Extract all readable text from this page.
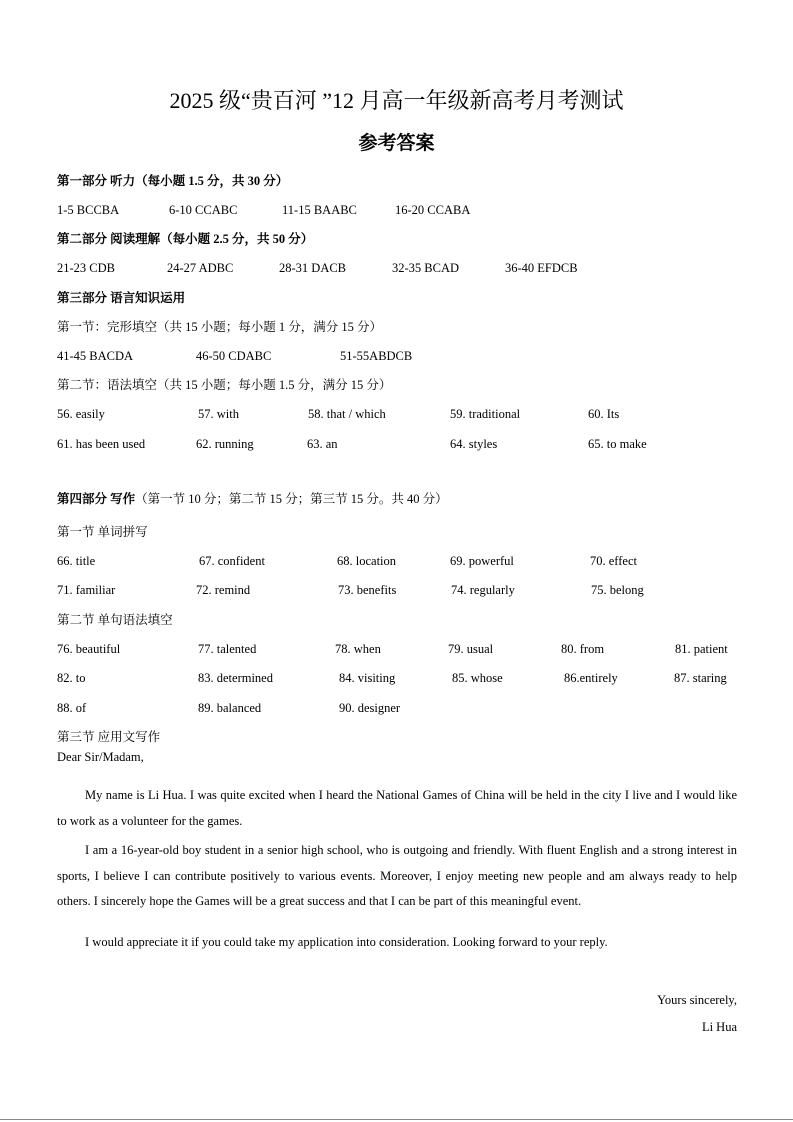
2025 级“贵百河 ”12 月高一年级新高考月考测试
参考答案
第一部分 听力（每小题 1.5 分，共 30 分）
1-5 BCCBA	6-10 CCABC	11-15 BAABC	16-20 CCABA
第二部分 阅读理解（每小题 2.5 分，共 50 分）
21-23 CDB	24-27 ADBC	28-31 DACB	32-35 BCAD	36-40 EFDCB
第三部分 语言知识运用
第一节：完形填空（共 15 小题；每小题 1 分，满分 15 分）
41-45 BACDA	46-50 CDABC	51-55ABDCB
第二节：语法填空（共 15 小题；每小题 1.5 分，满分 15 分）
56. easily	57. with	58. that / which	59. traditional	60. Its
61. has been used	62. running	63. an	64. styles	65. to make
第四部分 写作（第一节 10 分；第二节 15 分；第三节 15 分。共 40 分）
第一节 单词拼写
66. title	67. confident	68. location	69. powerful	70. effect
71. familiar	72. remind	73. benefits	74. regularly	75. belong
第二节 单句语法填空
76. beautiful	77. talented	78. when	79. usual	80. from	81. patient
82. to	83. determined	84. visiting	85. whose	86.entirely	87. staring
88. of	89. balanced	90. designer
第三节 应用文写作
Dear Sir/Madam,

My name is Li Hua. I was quite excited when I heard the National Games of China will be held in the city I live and I would like to work as a volunteer for the games.

I am a 16-year-old boy student in a senior high school, who is outgoing and friendly. With fluent English and a strong interest in sports, I believe I can contribute positively to various events. Moreover, I enjoy meeting new people and am always ready to help others. I sincerely hope the Games will be a great success and that I can be part of this meaningful event.

I would appreciate it if you could take my application into consideration. Looking forward to your reply.

Yours sincerely,
Li Hua
